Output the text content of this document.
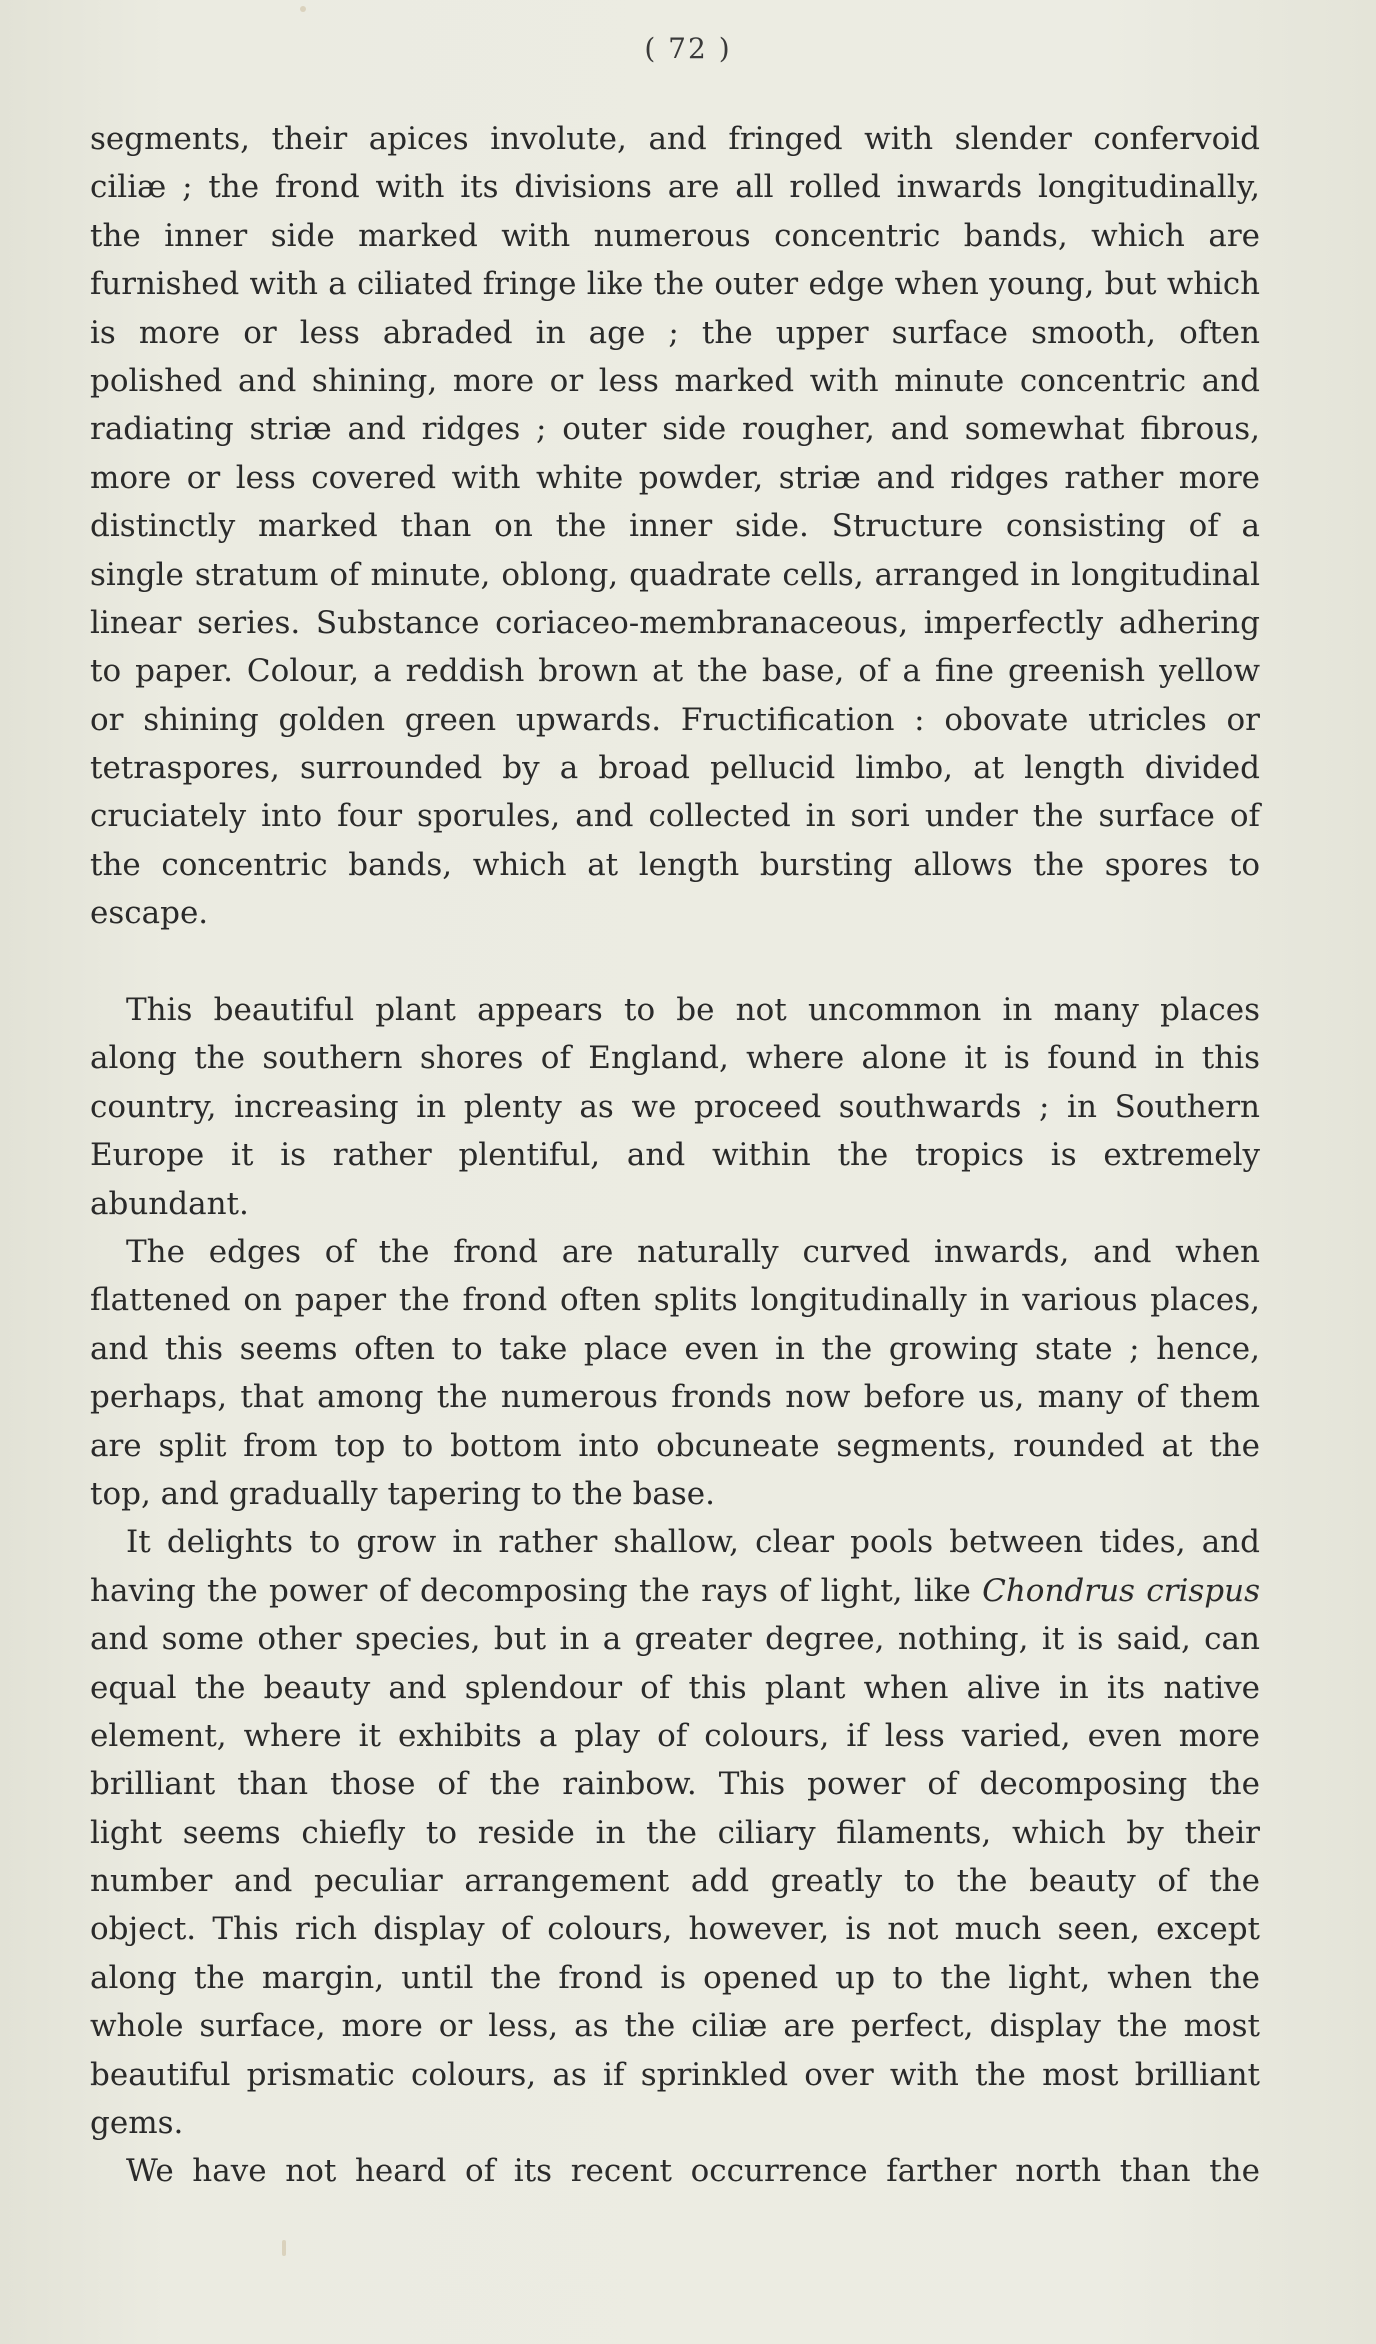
( 72 )
segments, their apices involute, and fringed with slender confervoid
ciliæ ; the frond with its divisions are all rolled inwards longitudinally,
the inner side marked with numerous concentric bands, which are
furnished with a ciliated fringe like the outer edge when young, but which
is more or less abraded in age ; the upper surface smooth, often
polished and shining, more or less marked with minute concentric and
radiating striæ and ridges ; outer side rougher, and somewhat fibrous,
more or less covered with white powder, striæ and ridges rather more
distinctly marked than on the inner side. Structure consisting of a
single stratum of minute, oblong, quadrate cells, arranged in longitudinal
linear series. Substance coriaceo-membranaceous, imperfectly adhering
to paper. Colour, a reddish brown at the base, of a fine greenish yellow
or shining golden green upwards. Fructification : obovate utricles or
tetraspores, surrounded by a broad pellucid limbo, at length divided
cruciately into four sporules, and collected in sori under the surface of
the concentric bands, which at length bursting allows the spores to
escape.
This beautiful plant appears to be not uncommon in many places
along the southern shores of England, where alone it is found in this
country, increasing in plenty as we proceed southwards ; in Southern
Europe it is rather plentiful, and within the tropics is extremely
abundant.
The edges of the frond are naturally curved inwards, and when
flattened on paper the frond often splits longitudinally in various places,
and this seems often to take place even in the growing state ; hence,
perhaps, that among the numerous fronds now before us, many of them
are split from top to bottom into obcuneate segments, rounded at the
top, and gradually tapering to the base.
It delights to grow in rather shallow, clear pools between tides, and
having the power of decomposing the rays of light, like Chondrus crispus
and some other species, but in a greater degree, nothing, it is said, can
equal the beauty and splendour of this plant when alive in its native
element, where it exhibits a play of colours, if less varied, even more
brilliant than those of the rainbow. This power of decomposing the
light seems chiefly to reside in the ciliary filaments, which by their
number and peculiar arrangement add greatly to the beauty of the
object. This rich display of colours, however, is not much seen, except
along the margin, until the frond is opened up to the light, when the
whole surface, more or less, as the ciliæ are perfect, display the most
beautiful prismatic colours, as if sprinkled over with the most brilliant
gems.
We have not heard of its recent occurrence farther north than the
